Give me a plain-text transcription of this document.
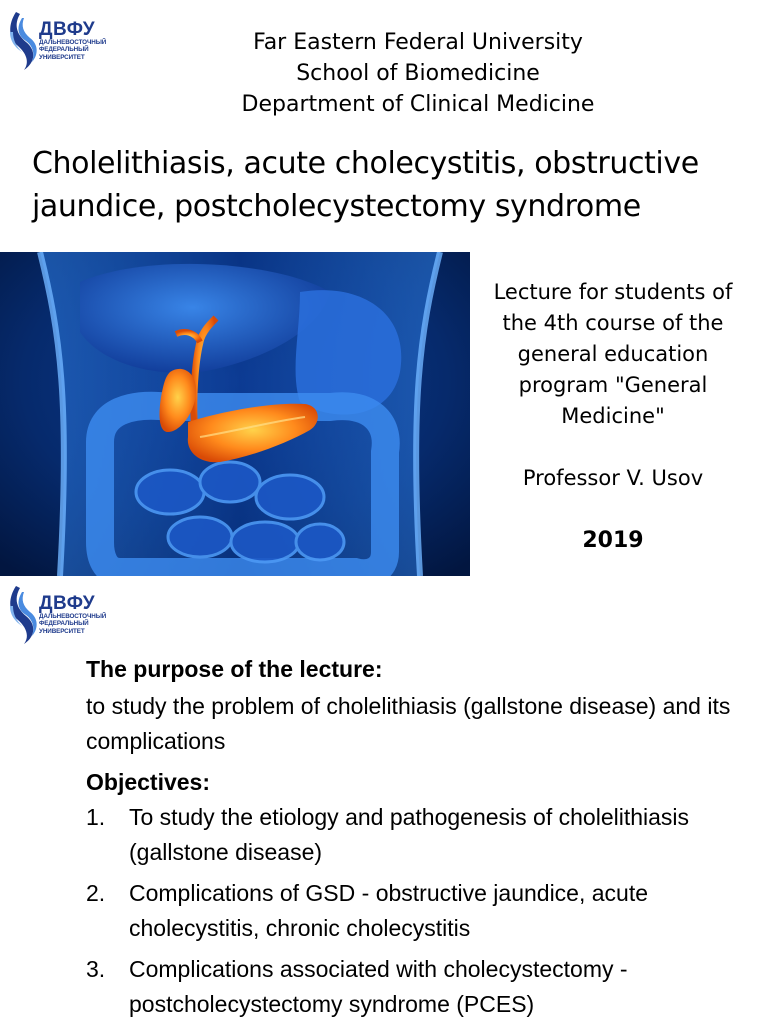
ДВФУ
ДАЛЬНЕВОСТОЧНЫЙ
ФЕДЕРАЛЬНЫЙ
УНИВЕРСИТЕТ
Far Eastern Federal University
School of Biomedicine
Department of Clinical Medicine
Cholelithiasis, acute cholecystitis, obstructive jaundice, postcholecystectomy syndrome
Lecture for students of the 4th course of the general education program "General Medicine"
Professor V. Usov
2019
ДВФУ
ДАЛЬНЕВОСТОЧНЫЙ
ФЕДЕРАЛЬНЫЙ
УНИВЕРСИТЕТ
The purpose of the lecture:
to study the problem of cholelithiasis (gallstone disease) and its complications
Objectives:
1. To study the etiology and pathogenesis of cholelithiasis (gallstone disease)
2. Complications of GSD - obstructive jaundice, acute cholecystitis, chronic cholecystitis
3. Complications associated with cholecystectomy - postcholecystectomy syndrome (PCES)
